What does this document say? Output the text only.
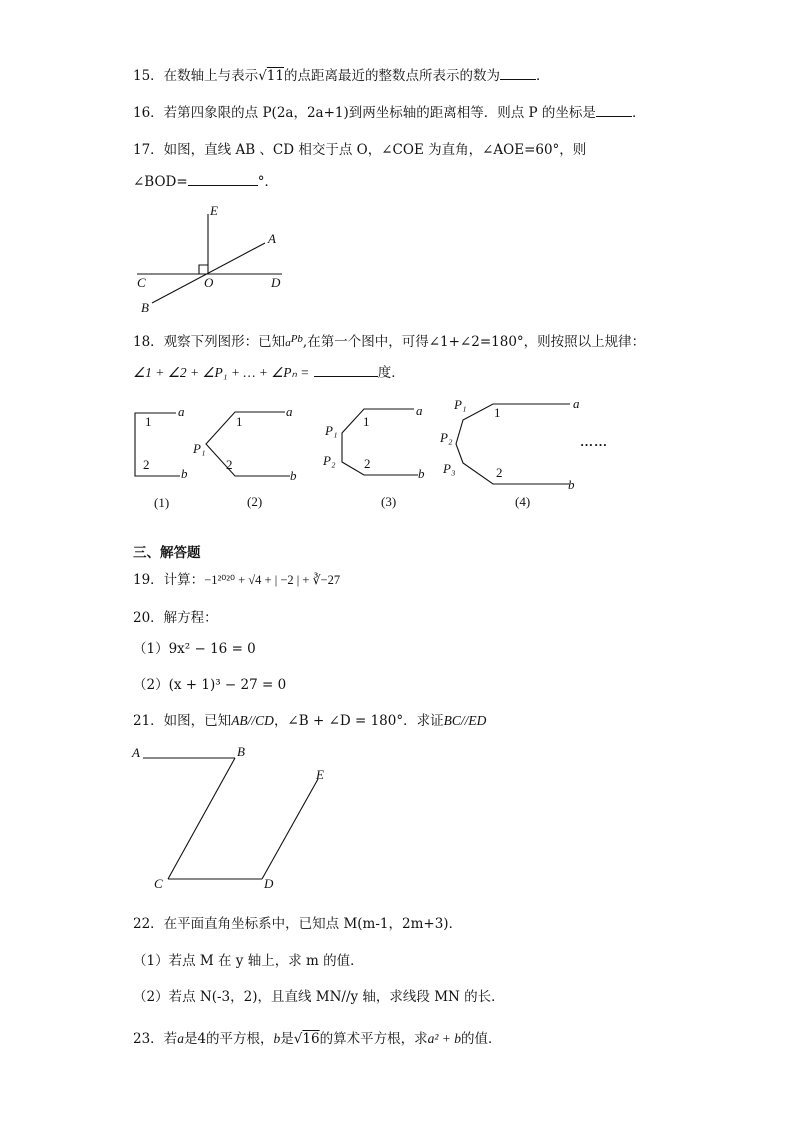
15．在数轴上与表示√11的点距离最近的整数点所表示的数为	．
16．若第四象限的点 P(2a，2a+1)到两坐标轴的距离相等．则点 P 的坐标是	．
17．如图，直线 AB 、CD 相交于点 O，∠COE 为直角，∠AOE=60°，则
∠BOD=	°．
E
A
C	O	D
B
18．观察下列图形：已知$a^{Pb}$,在第一个图中，可得∠1+∠2=180°，则按照以上规律：
∠1 + ∠2 + ∠P₁ + … + ∠Pₙ =	度．
a
1
2
b
(1)
a
1
P₁
2
b
(2)
a
1
P₁
P₂ 2
b
(3)
P₁	a
1
P₂	……
P₃	2
b
(4)
三、解答题
19．计算：−1²⁰²⁰ + √4 + | −2 | + ∛−27
20．解方程：
（1）9x² − 16 = 0
（2）(x + 1)³ − 27 = 0
21．如图，已知AB//CD，∠B + ∠D = 180°．求证BC//ED
A	B
C	D
E
22．在平面直角坐标系中，已知点 M(m-1，2m+3)．
（1）若点 M 在 y 轴上，求 m 的值．
（2）若点 N(-3，2)，且直线 MN//y 轴，求线段 MN 的长．
23．若a是4的平方根，b是√16的算术平方根，求a² + b的值．
